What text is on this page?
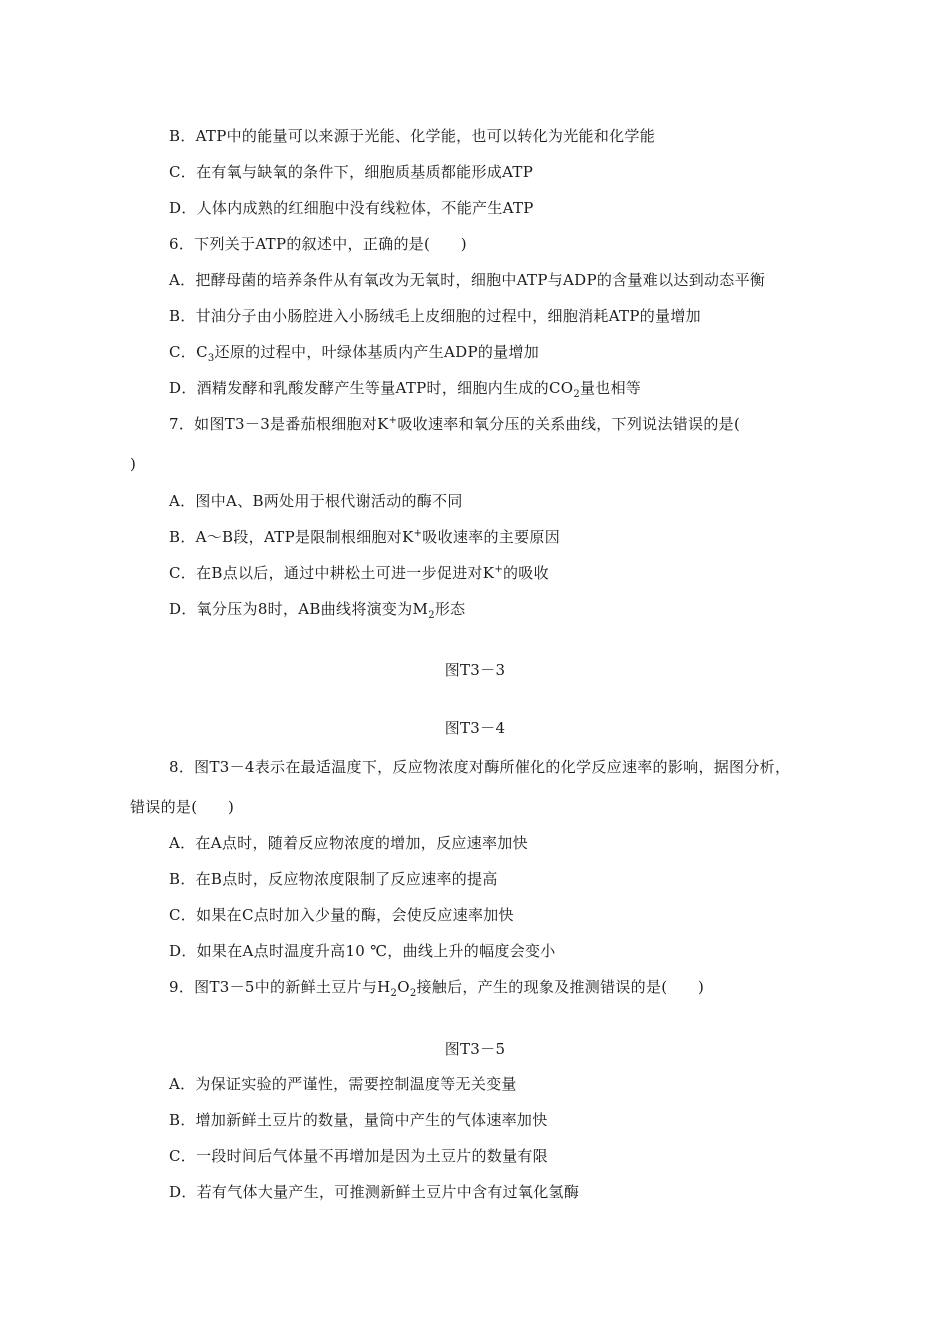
B．ATP中的能量可以来源于光能、化学能，也可以转化为光能和化学能
C．在有氧与缺氧的条件下，细胞质基质都能形成ATP
D．人体内成熟的红细胞中没有线粒体，不能产生ATP
6．下列关于ATP的叙述中，正确的是(　　)
A．把酵母菌的培养条件从有氧改为无氧时，细胞中ATP与ADP的含量难以达到动态平衡
B．甘油分子由小肠腔进入小肠绒毛上皮细胞的过程中，细胞消耗ATP的量增加
C．$C_3$还原的过程中，叶绿体基质内产生ADP的量增加
D．酒精发酵和乳酸发酵产生等量ATP时，细胞内生成的$CO_2$量也相等
7．如图T3－3是番茄根细胞对K+吸收速率和氧分压的关系曲线，下列说法错误的是(
)
A．图中A、B两处用于根代谢活动的酶不同
B．A～B段，ATP是限制根细胞对K+吸收速率的主要原因
C．在B点以后，通过中耕松土可进一步促进对K+的吸收
D．氧分压为8时，AB曲线将演变为$M_2$形态
图T3－3
图T3－4
8．图T3－4表示在最适温度下，反应物浓度对酶所催化的化学反应速率的影响，据图分析，
错误的是(　　)
A．在A点时，随着反应物浓度的增加，反应速率加快
B．在B点时，反应物浓度限制了反应速率的提高
C．如果在C点时加入少量的酶，会使反应速率加快
D．如果在A点时温度升高10 ℃，曲线上升的幅度会变小
9．图T3－5中的新鲜土豆片与$H_2O_2$接触后，产生的现象及推测错误的是(　　)
图T3－5
A．为保证实验的严谨性，需要控制温度等无关变量
B．增加新鲜土豆片的数量，量筒中产生的气体速率加快
C．一段时间后气体量不再增加是因为土豆片的数量有限
D．若有气体大量产生，可推测新鲜土豆片中含有过氧化氢酶
